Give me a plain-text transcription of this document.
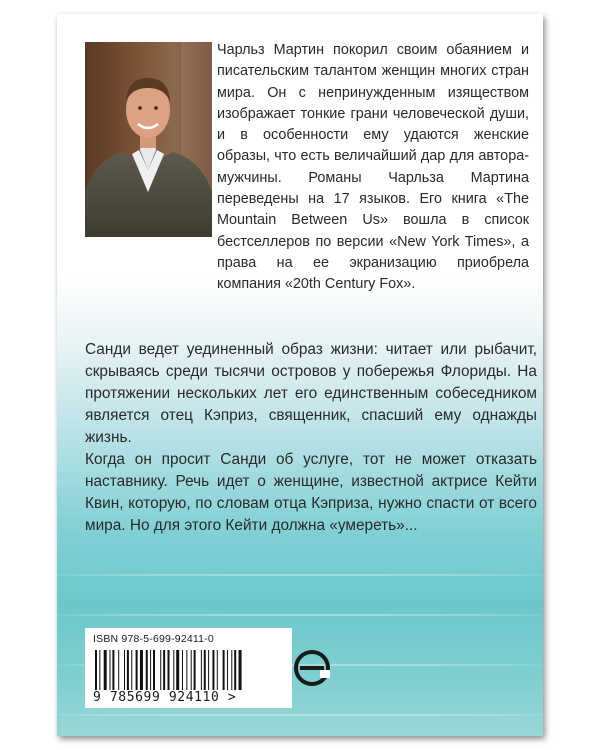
Чарльз Мартин покорил своим обаянием и писательским талантом женщин многих стран мира. Он с непринужденным изяществом изображает тонкие грани человеческой души, и в особенности ему удаются женские образы, что есть величайший дар для автора-мужчины. Романы Чарльза Мартина переведены на 17 языков. Его книга «The Mountain Between Us» вошла в список бестселлеров по версии «New York Times», а права на ее экранизацию приобрела компания «20th Century Fox».

Санди ведет уединенный образ жизни: читает или рыбачит, скрываясь среди тысячи островов у побережья Флориды. На протяжении нескольких лет его единственным собеседником является отец Кэприз, священник, спасший ему однажды жизнь.

Когда он просит Санди об услуге, тот не может отказать наставнику. Речь идет о женщине, известной актрисе Кейти Квин, которую, по словам отца Кэприза, нужно спасти от всего мира. Но для этого Кейти должна «умереть»...

ISBN 978-5-699-92411-0
9 785699 924110 >
